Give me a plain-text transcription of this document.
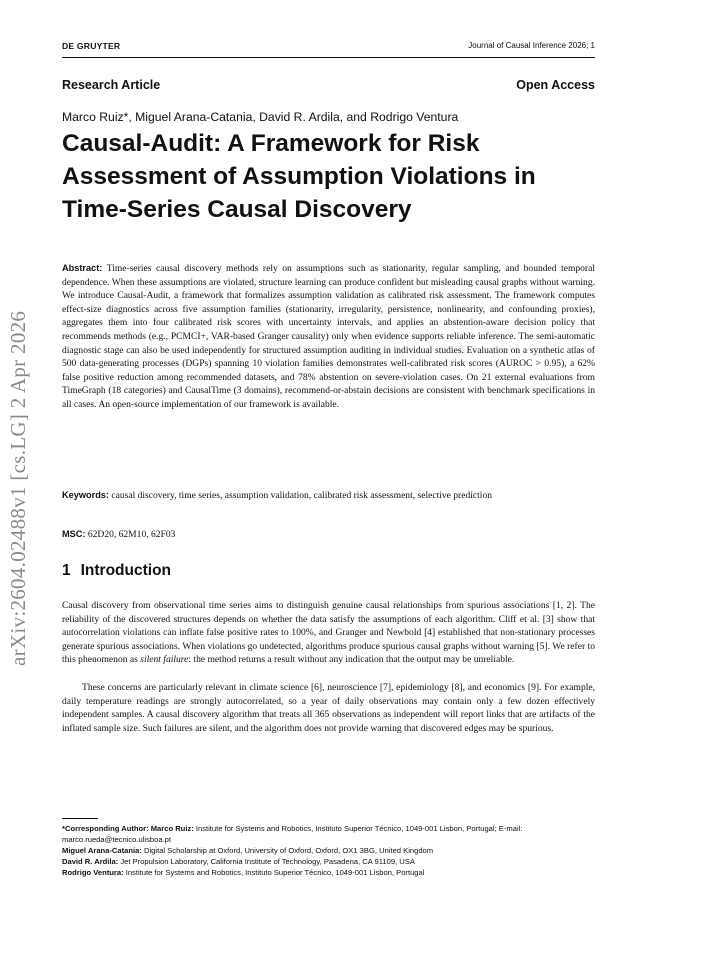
DE GRUYTER	Journal of Causal Inference 2026; 1
Research Article	Open Access
Marco Ruiz*, Miguel Arana-Catania, David R. Ardila, and Rodrigo Ventura
Causal-Audit: A Framework for Risk Assessment of Assumption Violations in Time-Series Causal Discovery
arXiv:2604.02488v1 [cs.LG] 2 Apr 2026

Abstract: Time-series causal discovery methods rely on assumptions such as stationarity, regular sampling, and bounded temporal dependence. When these assumptions are violated, structure learning can produce confident but misleading causal graphs without warning. We introduce Causal-Audit, a framework that formalizes assumption validation as calibrated risk assessment. The framework computes effect-size diagnostics across five assumption families (stationarity, irregularity, persistence, nonlinearity, and confounding proxies), aggregates them into four calibrated risk scores with uncertainty intervals, and applies an abstention-aware decision policy that recommends methods (e.g., PCMCI+, VAR-based Granger causality) only when evidence supports reliable inference. The semi-automatic diagnostic stage can also be used independently for structured assumption auditing in individual studies. Evaluation on a synthetic atlas of 500 data-generating processes (DGPs) spanning 10 violation families demonstrates well-calibrated risk scores (AUROC > 0.95), a 62% false positive reduction among recommended datasets, and 78% abstention on severe-violation cases. On 21 external evaluations from TimeGraph (18 categories) and CausalTime (3 domains), recommend-or-abstain decisions are consistent with benchmark specifications in all cases. An open-source implementation of our framework is available.

Keywords: causal discovery, time series, assumption validation, calibrated risk assessment, selective prediction

MSC: 62D20, 62M10, 62F03

1 Introduction

Causal discovery from observational time series aims to distinguish genuine causal relationships from spurious associations [1, 2]. The reliability of the discovered structures depends on whether the data satisfy the assumptions of each algorithm. Cliff et al. [3] show that autocorrelation violations can inflate false positive rates to 100%, and Granger and Newbold [4] established that non-stationary processes generate spurious associations. When violations go undetected, algorithms produce spurious causal graphs without warning [5]. We refer to this phenomenon as silent failure: the method returns a result without any indication that the output may be unreliable.

These concerns are particularly relevant in climate science [6], neuroscience [7], epidemiology [8], and economics [9]. For example, daily temperature readings are strongly autocorrelated, so a year of daily observations may contain only a few dozen effectively independent samples. A causal discovery algorithm that treats all 365 observations as independent will report links that are artifacts of the inflated sample size. Such failures are silent, and the algorithm does not provide warning that discovered edges may be spurious.

*Corresponding Author: Marco Ruiz: Institute for Systems and Robotics, Instituto Superior Técnico, 1049-001 Lisbon, Portugal; E-mail: marco.rueda@tecnico.ulisboa.pt
Miguel Arana-Catania: Digital Scholarship at Oxford, University of Oxford, Oxford, OX1 3BG, United Kingdom
David R. Ardila: Jet Propulsion Laboratory, California Institute of Technology, Pasadena, CA 91109, USA
Rodrigo Ventura: Institute for Systems and Robotics, Instituto Superior Técnico, 1049-001 Lisbon, Portugal
